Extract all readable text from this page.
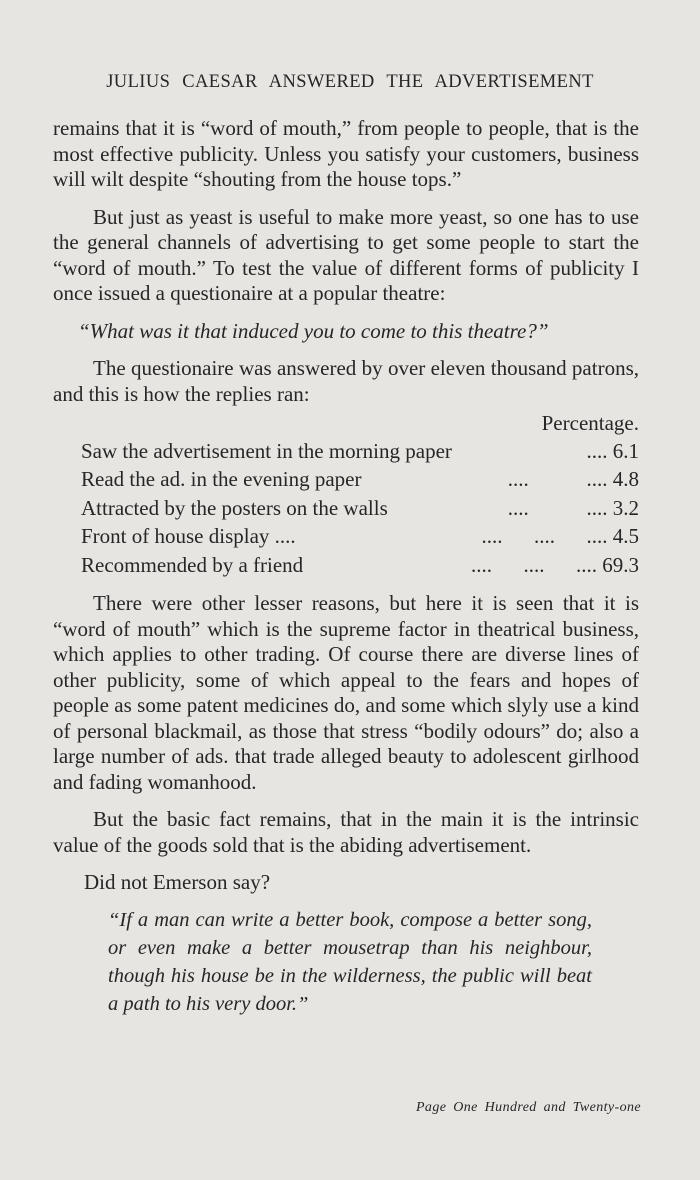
JULIUS CAESAR ANSWERED THE ADVERTISEMENT

remains that it is “word of mouth,” from people to people, that is the most effective publicity. Unless you satisfy your customers, business will wilt despite “shouting from the house tops.”

But just as yeast is useful to make more yeast, so one has to use the general channels of advertising to get some people to start the “word of mouth.” To test the value of different forms of publicity I once issued a questionaire at a popular theatre:

“What was it that induced you to come to this theatre?”

The questionaire was answered by over eleven thousand patrons, and this is how the replies ran:

Percentage.
Saw the advertisement in the morning paper	.... 6.1
Read the ad. in the evening paper	....           .... 4.8
Attracted by the posters on the walls	....           .... 3.2
Front of house display ....	....      ....      .... 4.5
Recommended by a friend	....      ....      .... 69.3

There were other lesser reasons, but here it is seen that it is “word of mouth” which is the supreme factor in theatrical business, which applies to other trading. Of course there are diverse lines of other publicity, some of which appeal to the fears and hopes of people as some patent medicines do, and some which slyly use a kind of personal blackmail, as those that stress “bodily odours” do; also a large number of ads. that trade alleged beauty to adolescent girlhood and fading womanhood.

But the basic fact remains, that in the main it is the intrinsic value of the goods sold that is the abiding advertisement.

Did not Emerson say?

“If a man can write a better book, compose a better song, or even make a better mousetrap than his neighbour, though his house be in the wilderness, the public will beat a path to his very door.”

Page One Hundred and Twenty-one
